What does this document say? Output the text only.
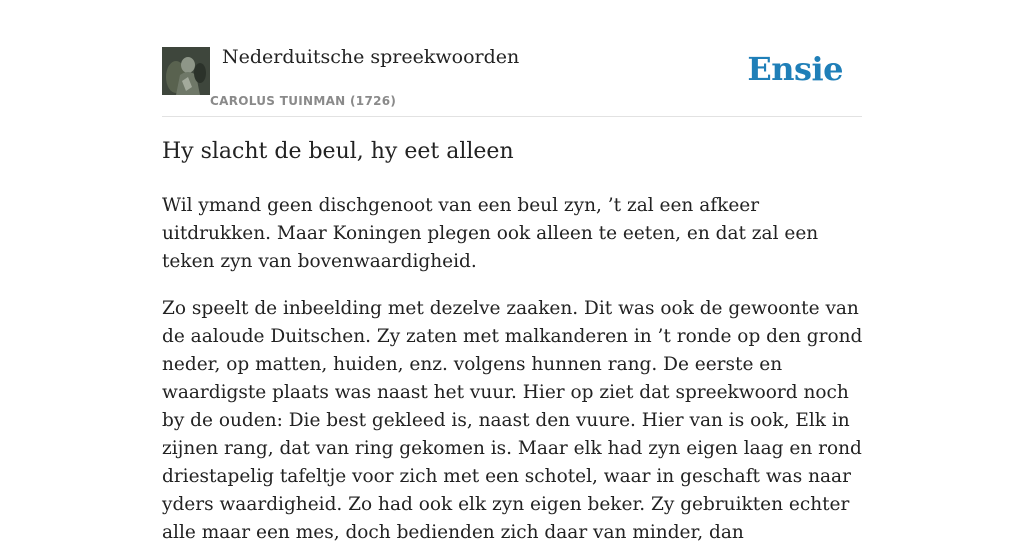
Nederduitsche spreekwoorden
CAROLUS TUINMAN (1726)
Ensie
Hy slacht de beul, hy eet alleen

Wil ymand geen dischgenoot van een beul zyn, ’t zal een afkeer uitdrukken. Maar Koningen plegen ook alleen te eeten, en dat zal een teken zyn van bovenwaardigheid.

Zo speelt de inbeelding met dezelve zaaken. Dit was ook de gewoonte van de aaloude Duitschen. Zy zaten met malkanderen in ’t ronde op den grond neder, op matten, huiden, enz. volgens hunnen rang. De eerste en waardigste plaats was naast het vuur. Hier op ziet dat spreekwoord noch by de ouden: Die best gekleed is, naast den vuure. Hier van is ook, Elk in zijnen rang, dat van ring gekomen is. Maar elk had zyn eigen laag en rond driestapelig tafeltje voor zich met een schotel, waar in geschaft was naar yders waardigheid. Zo had ook elk zyn eigen beker. Zy gebruikten echter alle maar een mes, doch bedienden zich daar van minder, dan
